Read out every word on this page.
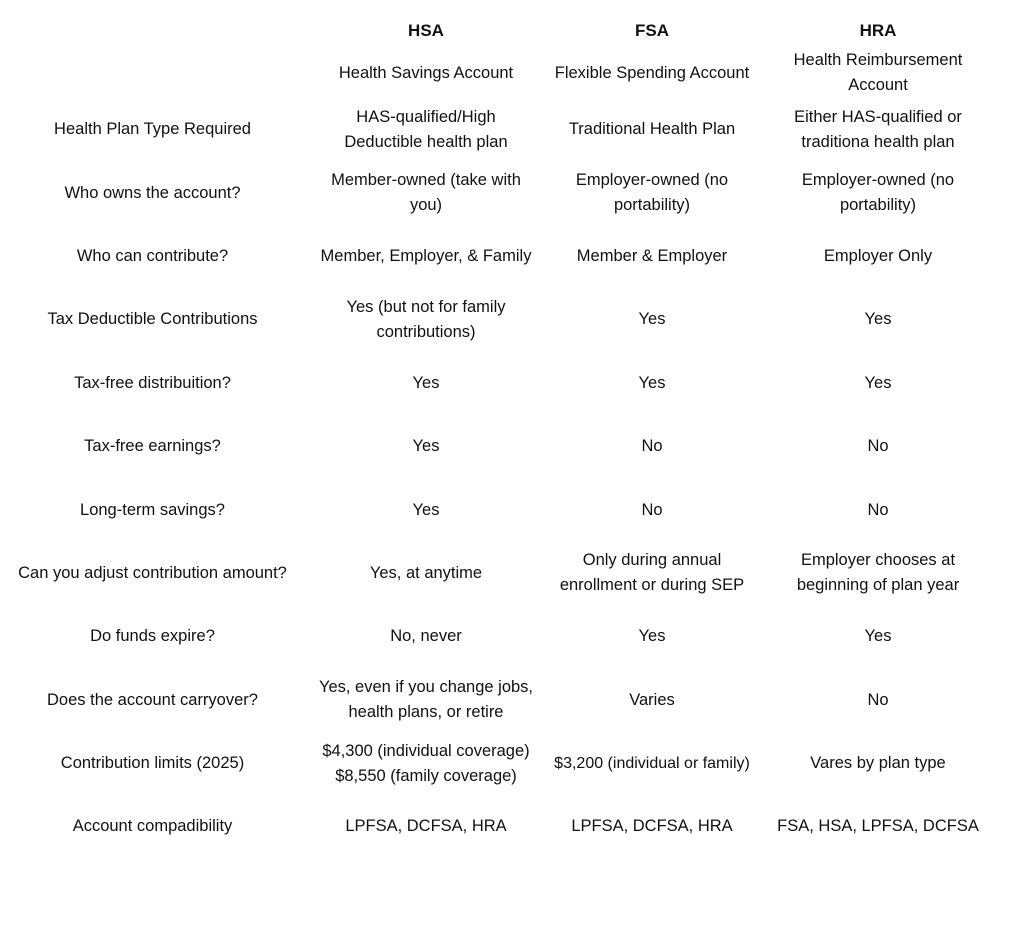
	HSA	FSA	HRA

	Health Savings Account	Flexible Spending Account	Health Reimbursement Account

Health Plan Type Required	HAS-qualified/High Deductible health plan	Traditional Health Plan	Either HAS-qualified or traditiona health plan
Who owns the account?	Member-owned (take with you)	Employer-owned (no portability)	Employer-owned (no portability)
Who can contribute?	Member, Employer, & Family	Member & Employer	Employer Only
Tax Deductible Contributions	Yes (but not for family contributions)	Yes	Yes
Tax-free distribuition?	Yes	Yes	Yes
Tax-free earnings?	Yes	No	No
Long-term savings?	Yes	No	No
Can you adjust contribution amount?	Yes, at anytime	Only during annual enrollment or during SEP	Employer chooses at beginning of plan year
Do funds expire?	No, never	Yes	Yes
Does the account carryover?	Yes, even if you change jobs, health plans, or retire	Varies	No
Contribution limits (2025)	$4,300 (individual coverage) $8,550 (family coverage)	$3,200 (individual or family)	Vares by plan type
Account compadibility	LPFSA, DCFSA, HRA	LPFSA, DCFSA, HRA	FSA, HSA, LPFSA, DCFSA
